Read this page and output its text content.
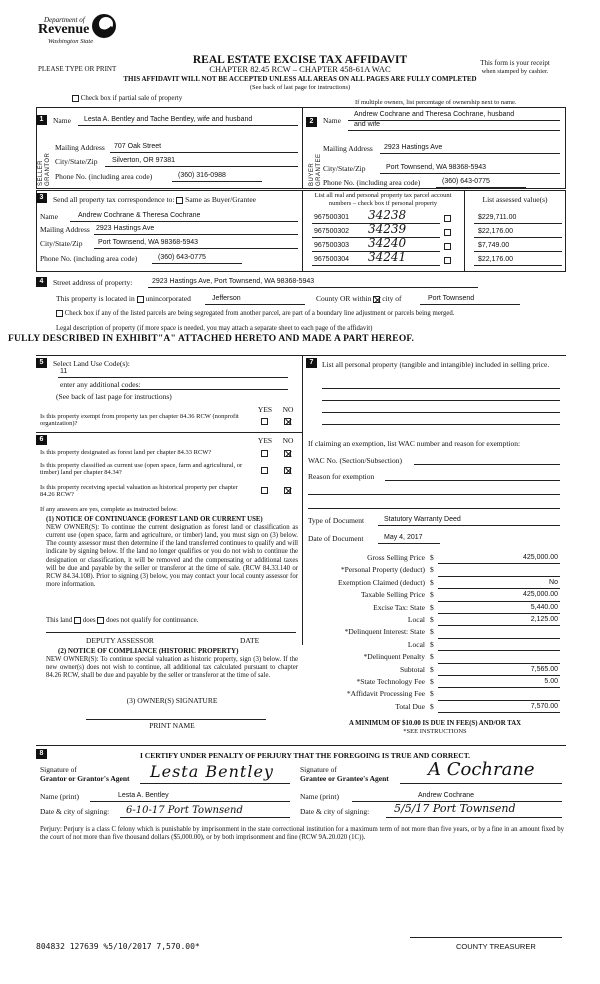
Department of
Revenue
Washington State
REAL ESTATE EXCISE TAX AFFIDAVIT
PLEASE TYPE OR PRINT	CHAPTER 82.45 RCW – CHAPTER 458-61A WAC
THIS AFFIDAVIT WILL NOT BE ACCEPTED UNLESS ALL AREAS ON ALL PAGES ARE FULLY COMPLETED
(See back of last page for instructions)
This form is your receipt
when stamped by cashier.
Check box if partial sale of property
If multiple owners, list percentage of ownership next to name.
1
SELLER GRANTOR
Name Lesta A. Bentley and Tache Bentley, wife and husband
Mailing Address 707 Oak Street
City/State/Zip Silverton, OR 97381
Phone No. (including area code)	(360) 316-0988
2
BUYER GRANTEE
Name
Andrew Cochrane and Theresa Cochrane, husband
and wife
Mailing Address 2923 Hastings Ave
City/State/Zip	Port Townsend, WA 98368-5943
Phone No. (including area code)	(360) 643-0775
3	Send all property tax correspondence to: Same as Buyer/Grantee
Name	Andrew Cochrane & Theresa Cochrane
Mailing Address 2923 Hastings Ave
City/State/Zip Port Townsend, WA 98368-5943
Phone No. (including area code)	(360) 643-0775
List all real and personal property tax parcel account
numbers – check box if personal property	List assessed value(s)
967500301 34238	$229,711.00
967500302 34239	$22,176.00
967500303 34240	$7,749.00
967500304 34241	$22,176.00
4	Street address of property:	2923 Hastings Ave, Port Townsend, WA 98368-5943
This property is located in unincorporated	Jefferson	County OR within city of	Port Townsend
Check box if any of the listed parcels are being segregated from another parcel, are part of a boundary line adjustment or parcels being merged.
Legal description of property (if more space is needed, you may attach a separate sheet to each page of the affidavit)
FULLY DESCRIBED IN EXHIBIT"A" ATTACHED HERETO AND MADE A PART HEREOF.
5	Select Land Use Code(s):
11
enter any additional codes:
(See back of last page for instructions)
YES	NO
Is this property exempt from property tax per chapter 84.36 RCW (nonprofit organization)?
6	YES	NO
Is this property designated as forest land per chapter 84.33 RCW?
Is this property classified as current use (open space, farm and agricultural, or timber) land per chapter 84.34?
Is this property receiving special valuation as historical property per chapter 84.26 RCW?
If any answers are yes, complete as instructed below.
(1) NOTICE OF CONTINUANCE (FOREST LAND OR CURRENT USE)
NEW OWNER(S): To continue the current designation as forest land or classification as current use (open space, farm and agriculture, or timber) land, you must sign on (3) below. The county assessor must then determine if the land transferred continues to qualify and will indicate by signing below. If the land no longer qualifies or you do not wish to continue the designation or classification, it will be removed and the compensating or additional taxes will be due and payable by the seller or transferor at the time of sale. (RCW 84.33.140 or RCW 84.34.108). Prior to signing (3) below, you may contact your local county assessor for more information.
This land does does not qualify for continuance.
DEPUTY ASSESSOR	DATE
(2) NOTICE OF COMPLIANCE (HISTORIC PROPERTY)
NEW OWNER(S): To continue special valuation as historic property, sign (3) below. If the new owner(s) does not wish to continue, all additional tax calculated pursuant to chapter 84.26 RCW, shall be due and payable by the seller or transferor at the time of sale.
(3) OWNER(S) SIGNATURE
PRINT NAME
7	List all personal property (tangible and intangible) included in selling price.
If claiming an exemption, list WAC number and reason for exemption:
WAC No. (Section/Subsection)
Reason for exemption
Type of Document	Statutory Warranty Deed
Date of Document	May 4, 2017
Gross Selling Price $	425,000.00
*Personal Property (deduct) $
Exemption Claimed (deduct) $	No
Taxable Selling Price $	425,000.00
Excise Tax: State $	5,440.00
Local $	2,125.00
*Delinquent Interest: State $
Local $
*Delinquent Penalty $
Subtotal $	7,565.00
*State Technology Fee $	5.00
*Affidavit Processing Fee $
Total Due $	7,570.00
A MINIMUM OF $10.00 IS DUE IN FEE(S) AND/OR TAX
*SEE INSTRUCTIONS
8	I CERTIFY UNDER PENALTY OF PERJURY THAT THE FOREGOING IS TRUE AND CORRECT.
Signature of
Grantor or Grantor's Agent Lesta Bentley
Name (print)	Lesta A. Bentley
Date & city of signing: 6-10-17 Port Townsend
Signature of
Grantee or Grantee's Agent A Cochrane
Name (print)	Andrew Cochrane
Date & city of signing: 5/5/17 Port Townsend
Perjury: Perjury is a class C felony which is punishable by imprisonment in the state correctional institution for a maximum term of not more than five years, or by a fine in an amount fixed by the court of not more than five thousand dollars ($5,000.00), or by both imprisonment and fine (RCW 9A.20.020 (1C)).
804832 127639 %5/10/2017 7,570.00*	COUNTY TREASURER
